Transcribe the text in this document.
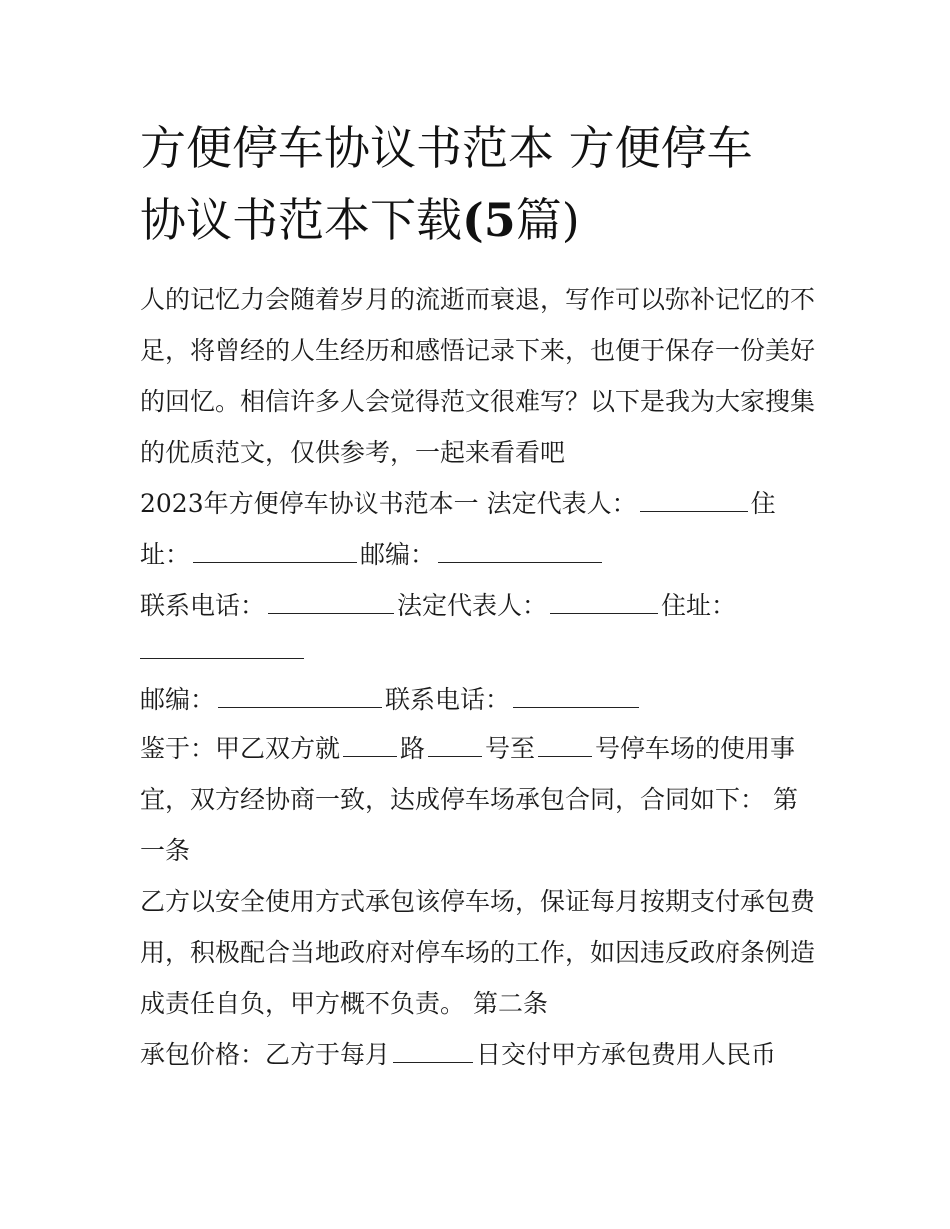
方便停车协议书范本 方便停车
协议书范本下载(5篇)
人的记忆力会随着岁月的流逝而衰退，写作可以弥补记忆的不
足，将曾经的人生经历和感悟记录下来，也便于保存一份美好
的回忆。相信许多人会觉得范文很难写？以下是我为大家搜集
的优质范文，仅供参考，一起来看看吧
2023年方便停车协议书范本一 法定代表人：	住
址：	邮编：
联系电话：	法定代表人：	住址：
邮编：	联系电话：
鉴于：甲乙双方就 路 号至 号停车场的使用事
宜，双方经协商一致，达成停车场承包合同，合同如下： 第
一条
乙方以安全使用方式承包该停车场，保证每月按期支付承包费
用，积极配合当地政府对停车场的工作，如因违反政府条例造
成责任自负，甲方概不负责。 第二条
承包价格：乙方于每月	日交付甲方承包费用人民币
